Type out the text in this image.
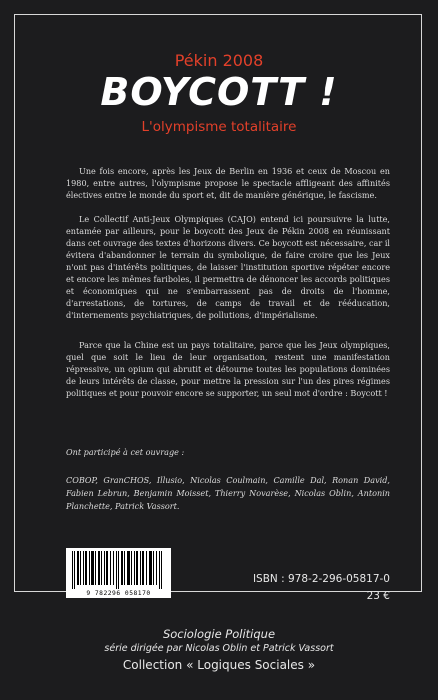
Pékin 2008
BOYCOTT !
L'olympisme totalitaire

Une fois encore, après les Jeux de Berlin en 1936 et ceux de Moscou en 1980, entre autres, l'olympisme propose le spectacle affligeant des affinités électives entre le monde du sport et, dit de manière générique, le fascisme.

Le Collectif Anti-Jeux Olympiques (CAJO) entend ici poursuivre la lutte, entamée par ailleurs, pour le boycott des Jeux de Pékin 2008 en réunissant dans cet ouvrage des textes d'horizons divers. Ce boycott est nécessaire, car il évitera d'abandonner le terrain du symbolique, de faire croire que les Jeux n'ont pas d'intérêts politiques, de laisser l'institution sportive répéter encore et encore les mêmes fariboles, il permettra de dénoncer les accords politiques et économiques qui ne s'embarrassent pas de droits de l'homme, d'arrestations, de tortures, de camps de travail et de rééducation, d'internements psychiatriques, de pollutions, d'impérialisme.

Parce que la Chine est un pays totalitaire, parce que les Jeux olympiques, quel que soit le lieu de leur organisation, restent une manifestation répressive, un opium qui abrutit et détourne toutes les populations dominées de leurs intérêts de classe, pour mettre la pression sur l'un des pires régimes politiques et pour pouvoir encore se supporter, un seul mot d'ordre : Boycott !

Ont participé à cet ouvrage :

COBOP, GranCHOS, Illusio, Nicolas Coulmain, Camille Dal, Ronan David, Fabien Lebrun, Benjamin Moisset, Thierry Novarèse, Nicolas Oblin, Antonin Planchette, Patrick Vassort.

9 782296 058170
ISBN : 978-2-296-05817-0
23 €
Sociologie Politique
série dirigée par Nicolas Oblin et Patrick Vassort
Collection « Logiques Sociales »
